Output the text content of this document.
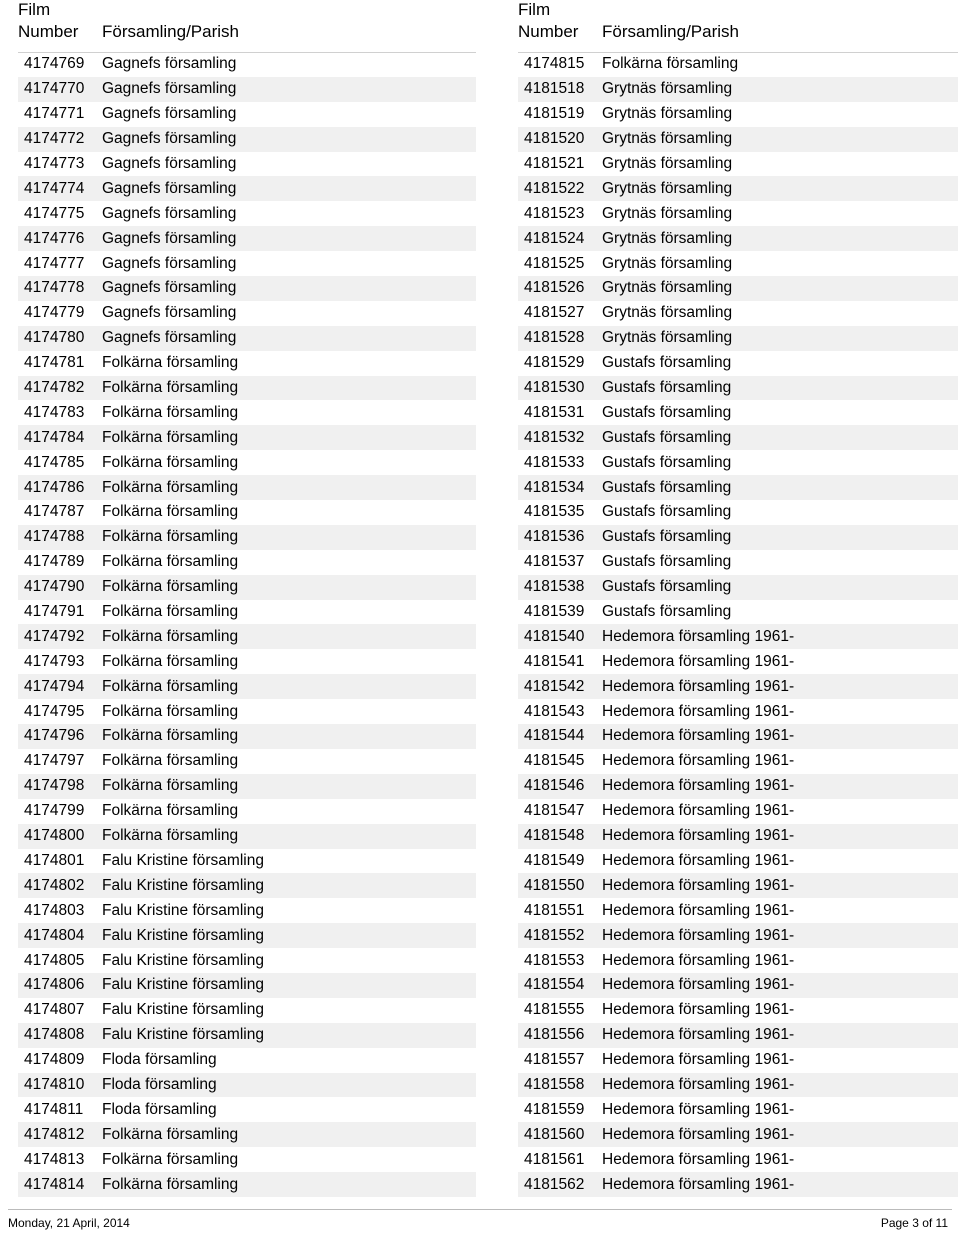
Film
Number Församling/Parish
4174769	Gagnefs församling
4174770	Gagnefs församling
4174771	Gagnefs församling
4174772	Gagnefs församling
4174773	Gagnefs församling
4174774	Gagnefs församling
4174775	Gagnefs församling
4174776	Gagnefs församling
4174777	Gagnefs församling
4174778	Gagnefs församling
4174779	Gagnefs församling
4174780	Gagnefs församling
4174781	Folkärna församling
4174782	Folkärna församling
4174783	Folkärna församling
4174784	Folkärna församling
4174785	Folkärna församling
4174786	Folkärna församling
4174787	Folkärna församling
4174788	Folkärna församling
4174789	Folkärna församling
4174790	Folkärna församling
4174791	Folkärna församling
4174792	Folkärna församling
4174793	Folkärna församling
4174794	Folkärna församling
4174795	Folkärna församling
4174796	Folkärna församling
4174797	Folkärna församling
4174798	Folkärna församling
4174799	Folkärna församling
4174800	Folkärna församling
4174801	Falu Kristine församling
4174802	Falu Kristine församling
4174803	Falu Kristine församling
4174804	Falu Kristine församling
4174805	Falu Kristine församling
4174806	Falu Kristine församling
4174807	Falu Kristine församling
4174808	Falu Kristine församling
4174809	Floda församling
4174810	Floda församling
4174811	Floda församling
4174812	Folkärna församling
4174813	Folkärna församling
4174814	Folkärna församling
Film
Number Församling/Parish
4174815	Folkärna församling
4181518	Grytnäs församling
4181519	Grytnäs församling
4181520	Grytnäs församling
4181521	Grytnäs församling
4181522	Grytnäs församling
4181523	Grytnäs församling
4181524	Grytnäs församling
4181525	Grytnäs församling
4181526	Grytnäs församling
4181527	Grytnäs församling
4181528	Grytnäs församling
4181529	Gustafs församling
4181530	Gustafs församling
4181531	Gustafs församling
4181532	Gustafs församling
4181533	Gustafs församling
4181534	Gustafs församling
4181535	Gustafs församling
4181536	Gustafs församling
4181537	Gustafs församling
4181538	Gustafs församling
4181539	Gustafs församling
4181540	Hedemora församling 1961-
4181541	Hedemora församling 1961-
4181542	Hedemora församling 1961-
4181543	Hedemora församling 1961-
4181544	Hedemora församling 1961-
4181545	Hedemora församling 1961-
4181546	Hedemora församling 1961-
4181547	Hedemora församling 1961-
4181548	Hedemora församling 1961-
4181549	Hedemora församling 1961-
4181550	Hedemora församling 1961-
4181551	Hedemora församling 1961-
4181552	Hedemora församling 1961-
4181553	Hedemora församling 1961-
4181554	Hedemora församling 1961-
4181555	Hedemora församling 1961-
4181556	Hedemora församling 1961-
4181557	Hedemora församling 1961-
4181558	Hedemora församling 1961-
4181559	Hedemora församling 1961-
4181560	Hedemora församling 1961-
4181561	Hedemora församling 1961-
4181562	Hedemora församling 1961-
Monday, 21 April, 2014	Page 3 of 11
